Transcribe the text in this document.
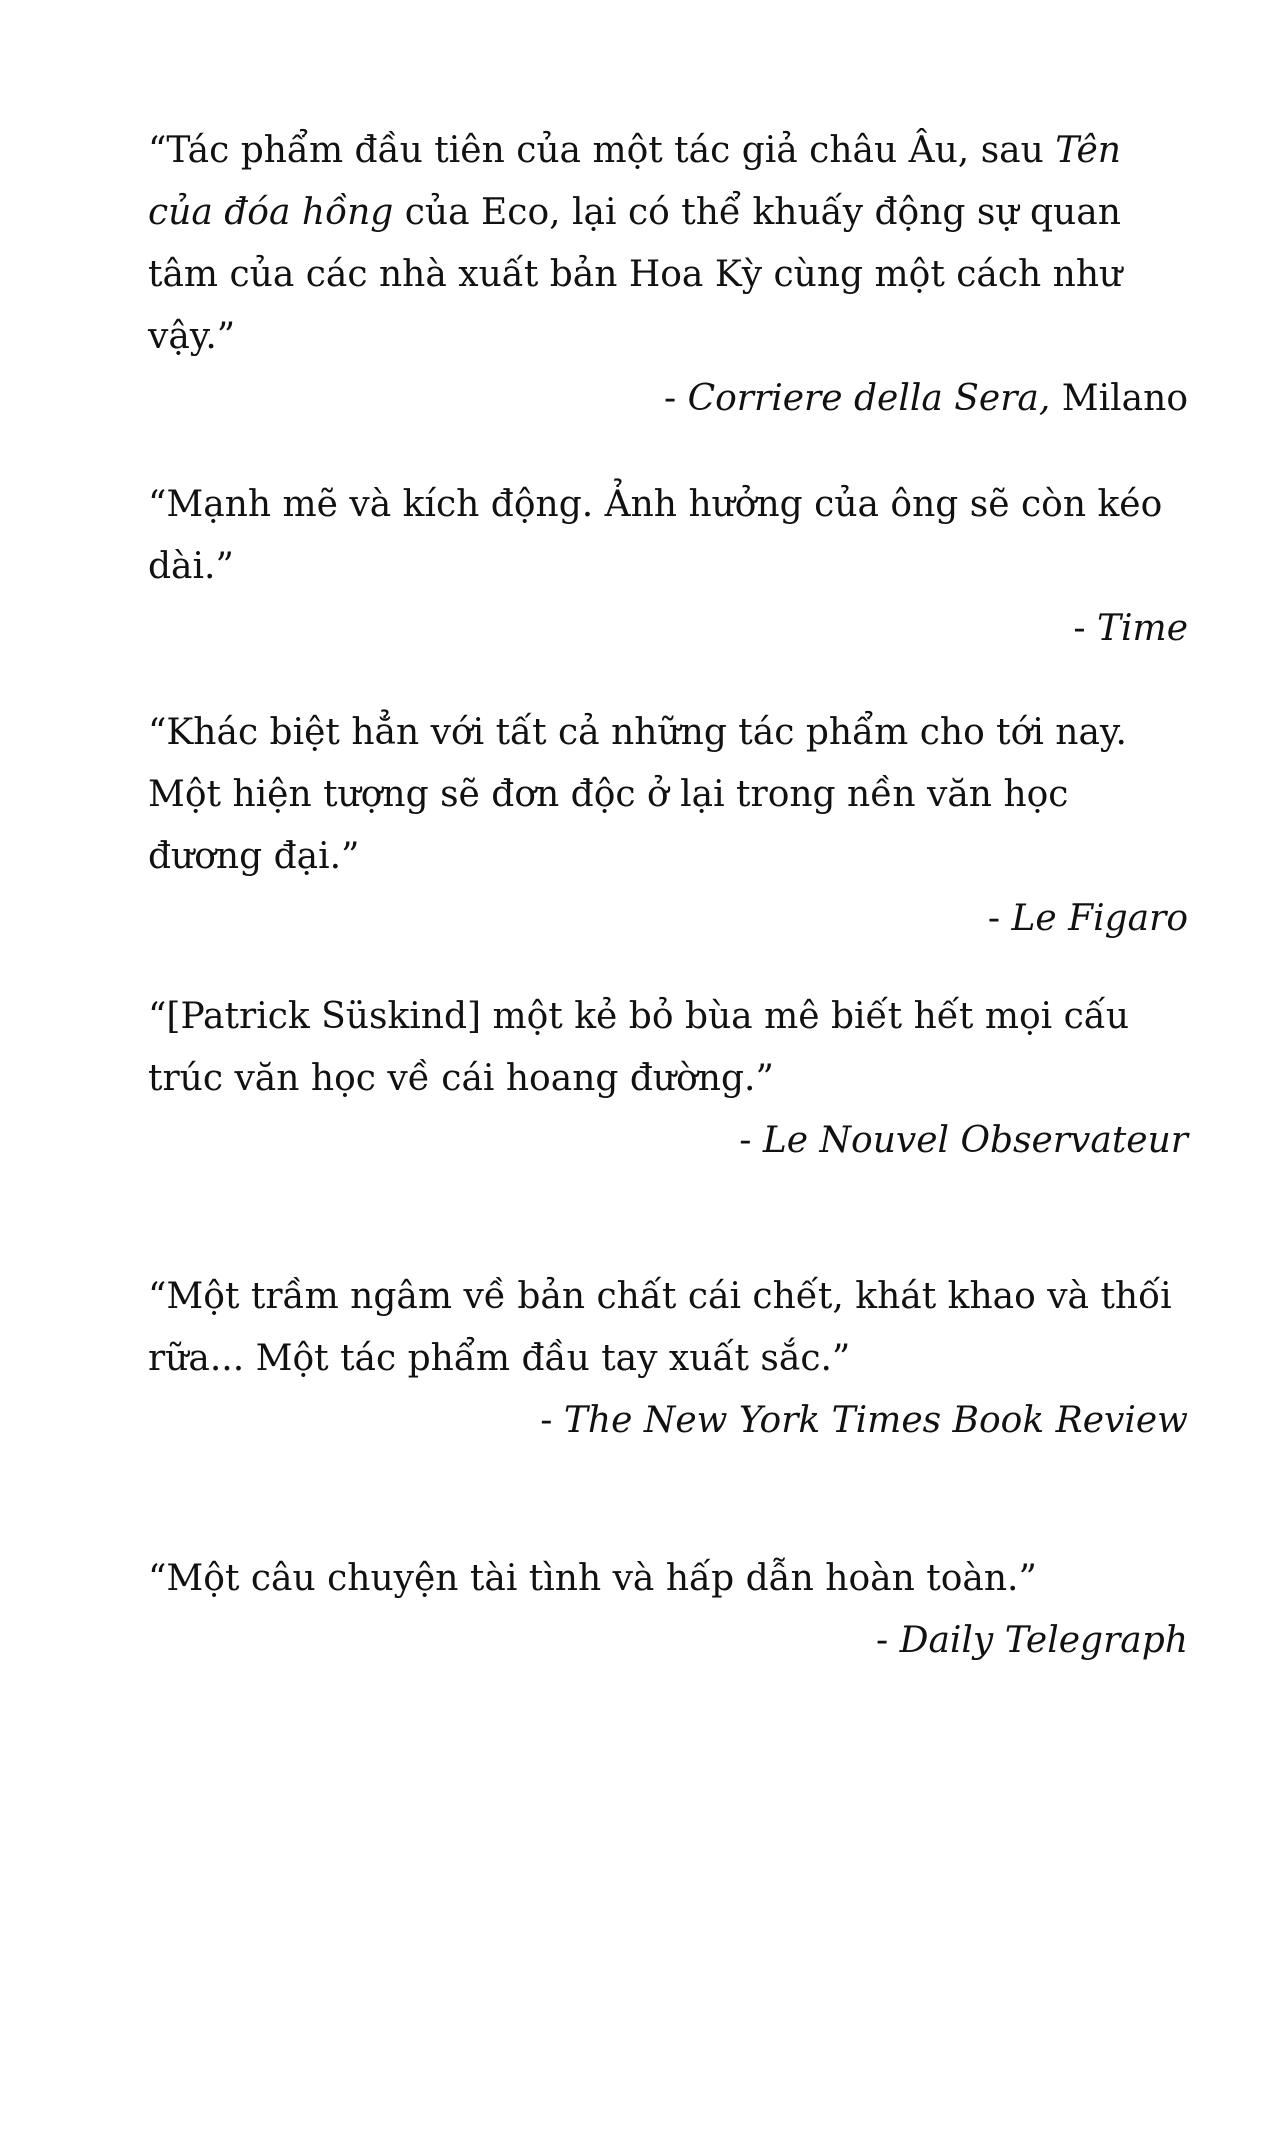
“Tác phẩm đầu tiên của một tác giả châu Âu, sau Tên của đóa hồng của Eco, lại có thể khuấy động sự quan tâm của các nhà xuất bản Hoa Kỳ cùng một cách như vậy.”

- Corriere della Sera, Milano

“Mạnh mẽ và kích động. Ảnh hưởng của ông sẽ còn kéo dài.”

- Time

“Khác biệt hẳn với tất cả những tác phẩm cho tới nay. Một hiện tượng sẽ đơn độc ở lại trong nền văn học đương đại.”

- Le Figaro

“[Patrick Süskind] một kẻ bỏ bùa mê biết hết mọi cấu trúc văn học về cái hoang đường.”

- Le Nouvel Observateur

“Một trầm ngâm về bản chất cái chết, khát khao và thối rữa... Một tác phẩm đầu tay xuất sắc.”

- The New York Times Book Review

“Một câu chuyện tài tình và hấp dẫn hoàn toàn.”

- Daily Telegraph
